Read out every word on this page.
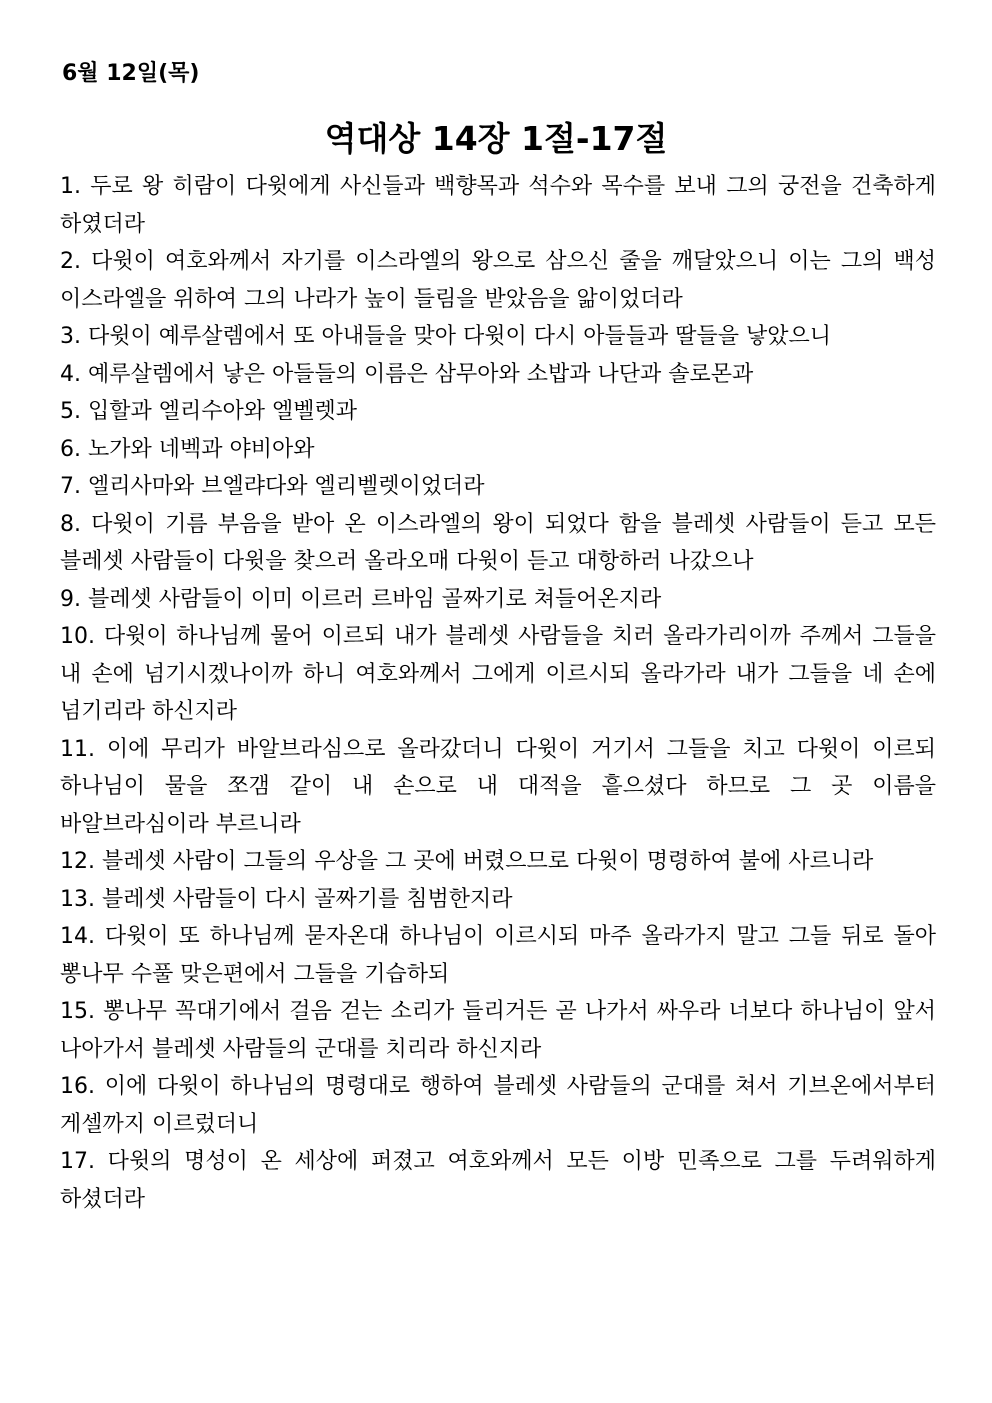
6월 12일(목)
역대상 14장 1절-17절
1. 두로 왕 히람이 다윗에게 사신들과 백향목과 석수와 목수를 보내 그의 궁전을 건축하게 하였더라
2. 다윗이 여호와께서 자기를 이스라엘의 왕으로 삼으신 줄을 깨달았으니 이는 그의 백성 이스라엘을 위하여 그의 나라가 높이 들림을 받았음을 앎이었더라
3. 다윗이 예루살렘에서 또 아내들을 맞아 다윗이 다시 아들들과 딸들을 낳았으니
4. 예루살렘에서 낳은 아들들의 이름은 삼무아와 소밥과 나단과 솔로몬과
5. 입할과 엘리수아와 엘벨렛과
6. 노가와 네벡과 야비아와
7. 엘리사마와 브엘랴다와 엘리벨렛이었더라
8. 다윗이 기름 부음을 받아 온 이스라엘의 왕이 되었다 함을 블레셋 사람들이 듣고 모든 블레셋 사람들이 다윗을 찾으러 올라오매 다윗이 듣고 대항하러 나갔으나
9. 블레셋 사람들이 이미 이르러 르바임 골짜기로 쳐들어온지라
10. 다윗이 하나님께 물어 이르되 내가 블레셋 사람들을 치러 올라가리이까 주께서 그들을 내 손에 넘기시겠나이까 하니 여호와께서 그에게 이르시되 올라가라 내가 그들을 네 손에 넘기리라 하신지라
11. 이에 무리가 바알브라심으로 올라갔더니 다윗이 거기서 그들을 치고 다윗이 이르되 하나님이 물을 쪼갬 같이 내 손으로 내 대적을 흩으셨다 하므로 그 곳 이름을 바알브라심이라 부르니라
12. 블레셋 사람이 그들의 우상을 그 곳에 버렸으므로 다윗이 명령하여 불에 사르니라
13. 블레셋 사람들이 다시 골짜기를 침범한지라
14. 다윗이 또 하나님께 묻자온대 하나님이 이르시되 마주 올라가지 말고 그들 뒤로 돌아 뽕나무 수풀 맞은편에서 그들을 기습하되
15. 뽕나무 꼭대기에서 걸음 걷는 소리가 들리거든 곧 나가서 싸우라 너보다 하나님이 앞서 나아가서 블레셋 사람들의 군대를 치리라 하신지라
16. 이에 다윗이 하나님의 명령대로 행하여 블레셋 사람들의 군대를 쳐서 기브온에서부터 게셀까지 이르렀더니
17. 다윗의 명성이 온 세상에 퍼졌고 여호와께서 모든 이방 민족으로 그를 두려워하게 하셨더라
